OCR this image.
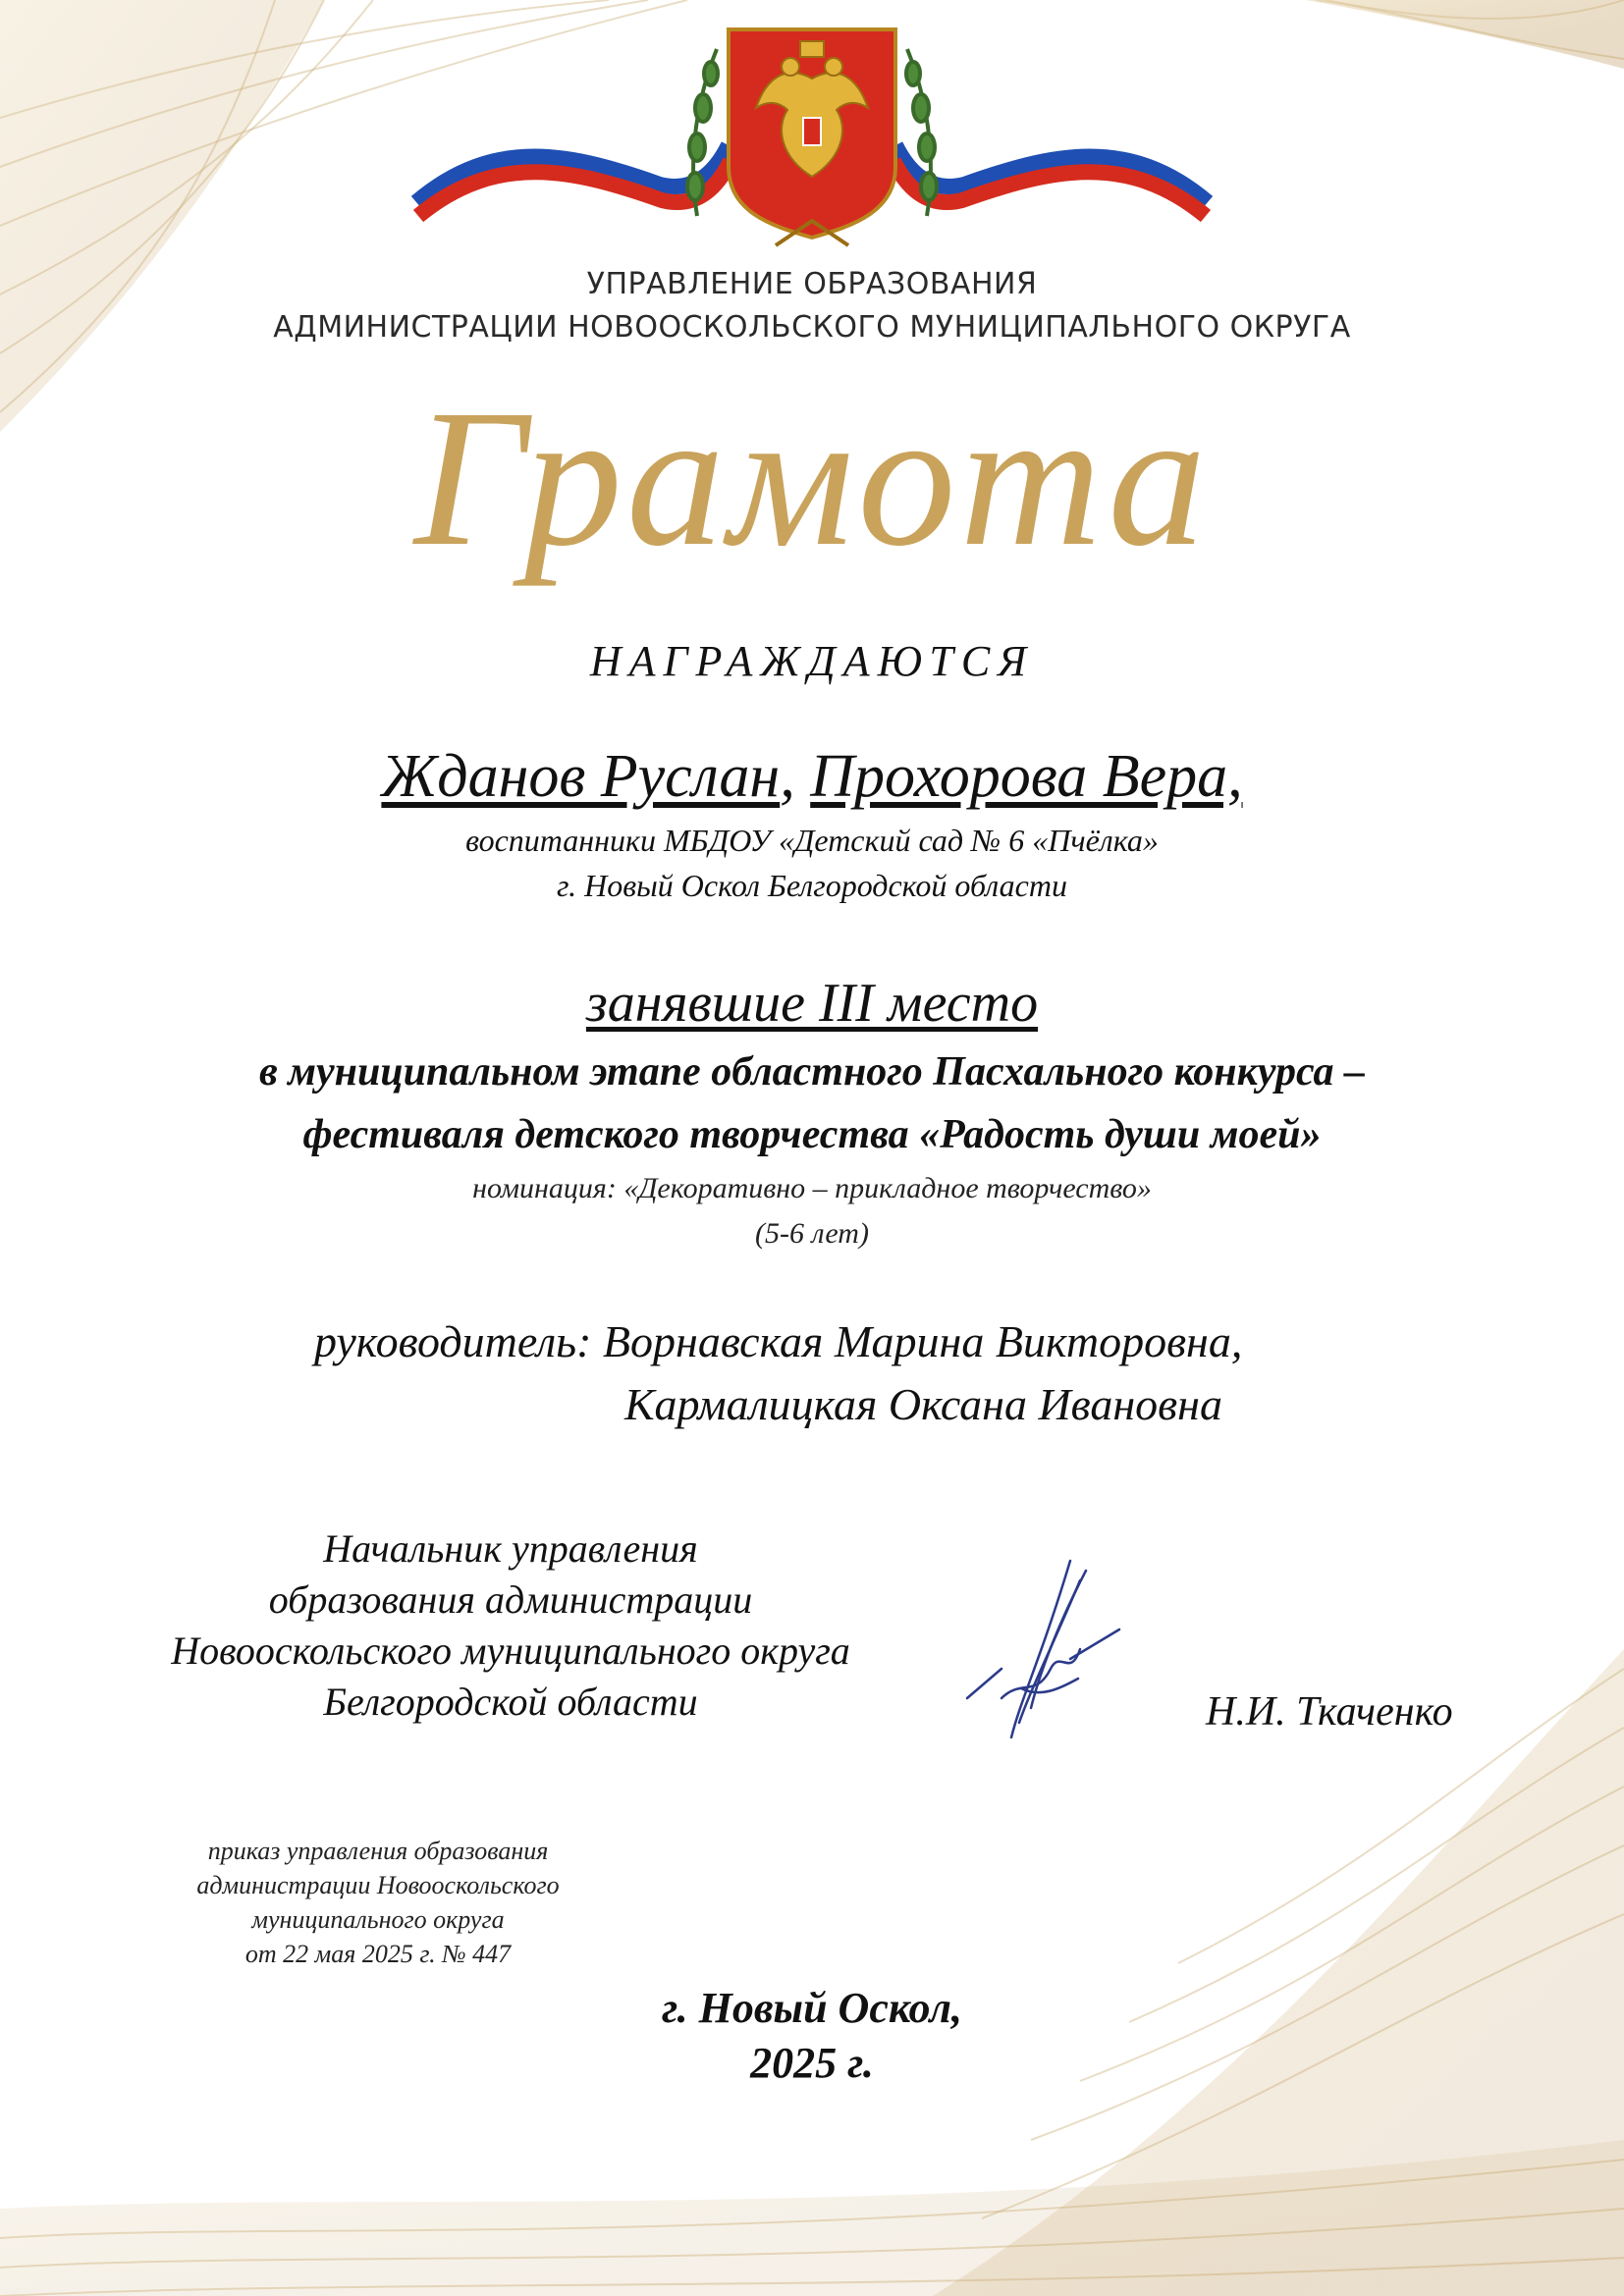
УПРАВЛЕНИЕ ОБРАЗОВАНИЯ
АДМИНИСТРАЦИИ НОВООСКОЛЬСКОГО МУНИЦИПАЛЬНОГО ОКРУГА
Грамота
НАГРАЖДАЮТСЯ
Жданов Руслан, Прохорова Вера,
воспитанники МБДОУ «Детский сад № 6 «Пчёлка»
г. Новый Оскол Белгородской области
занявшие III место
в муниципальном этапе областного Пасхального конкурса –
фестиваля детского творчества «Радость души моей»
номинация: «Декоративно – прикладное творчество»
(5-6 лет)
руководитель: Ворнавская Марина Викторовна,
Кармалицкая Оксана Ивановна
Начальник управления
образования администрации
Новооскольского муниципального округа
Белгородской области	Н.И. Ткаченко
приказ управления образования
администрации Новооскольского
муниципального округа
от 22 мая 2025 г. № 447
г. Новый Оскол,
2025 г.
